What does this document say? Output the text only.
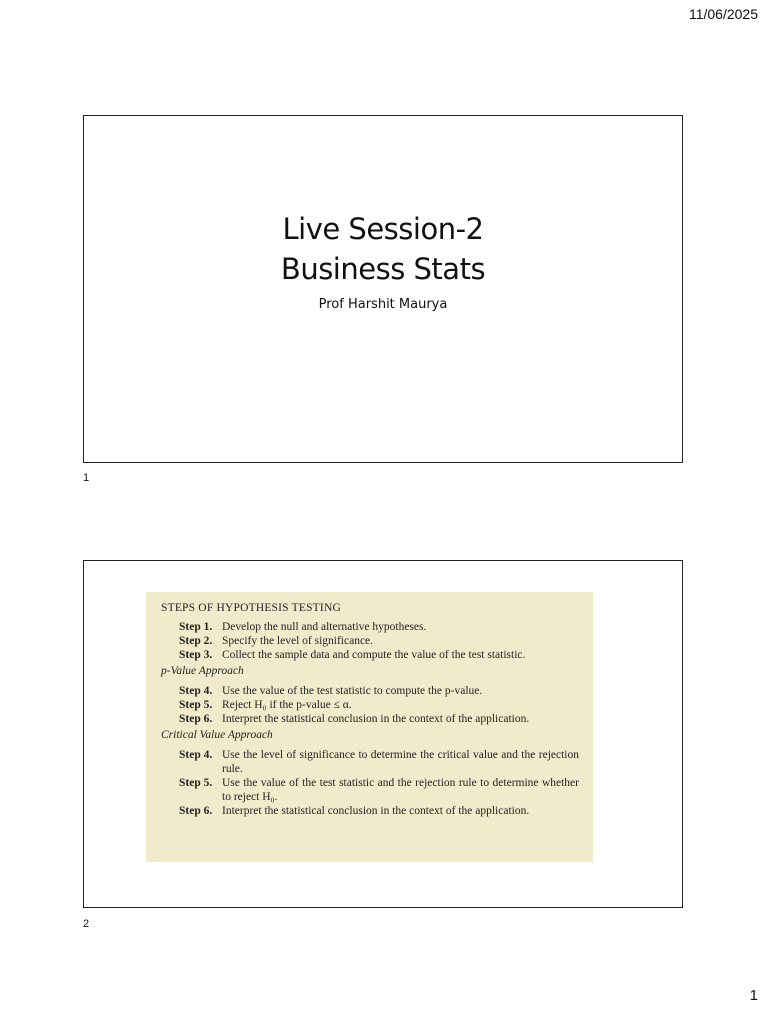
11/06/2025
Live Session-2
Business Stats
Prof Harshit Maurya
1
STEPS OF HYPOTHESIS TESTING
Step 1. Develop the null and alternative hypotheses.
Step 2. Specify the level of significance.
Step 3. Collect the sample data and compute the value of the test statistic.
p-Value Approach
Step 4. Use the value of the test statistic to compute the p-value.
Step 5. Reject H₀ if the p-value ≤ α.
Step 6. Interpret the statistical conclusion in the context of the application.
Critical Value Approach
Step 4. Use the level of significance to determine the critical value and the rejection rule.
Step 5. Use the value of the test statistic and the rejection rule to determine whether to reject H₀.
Step 6. Interpret the statistical conclusion in the context of the application.
2
1
